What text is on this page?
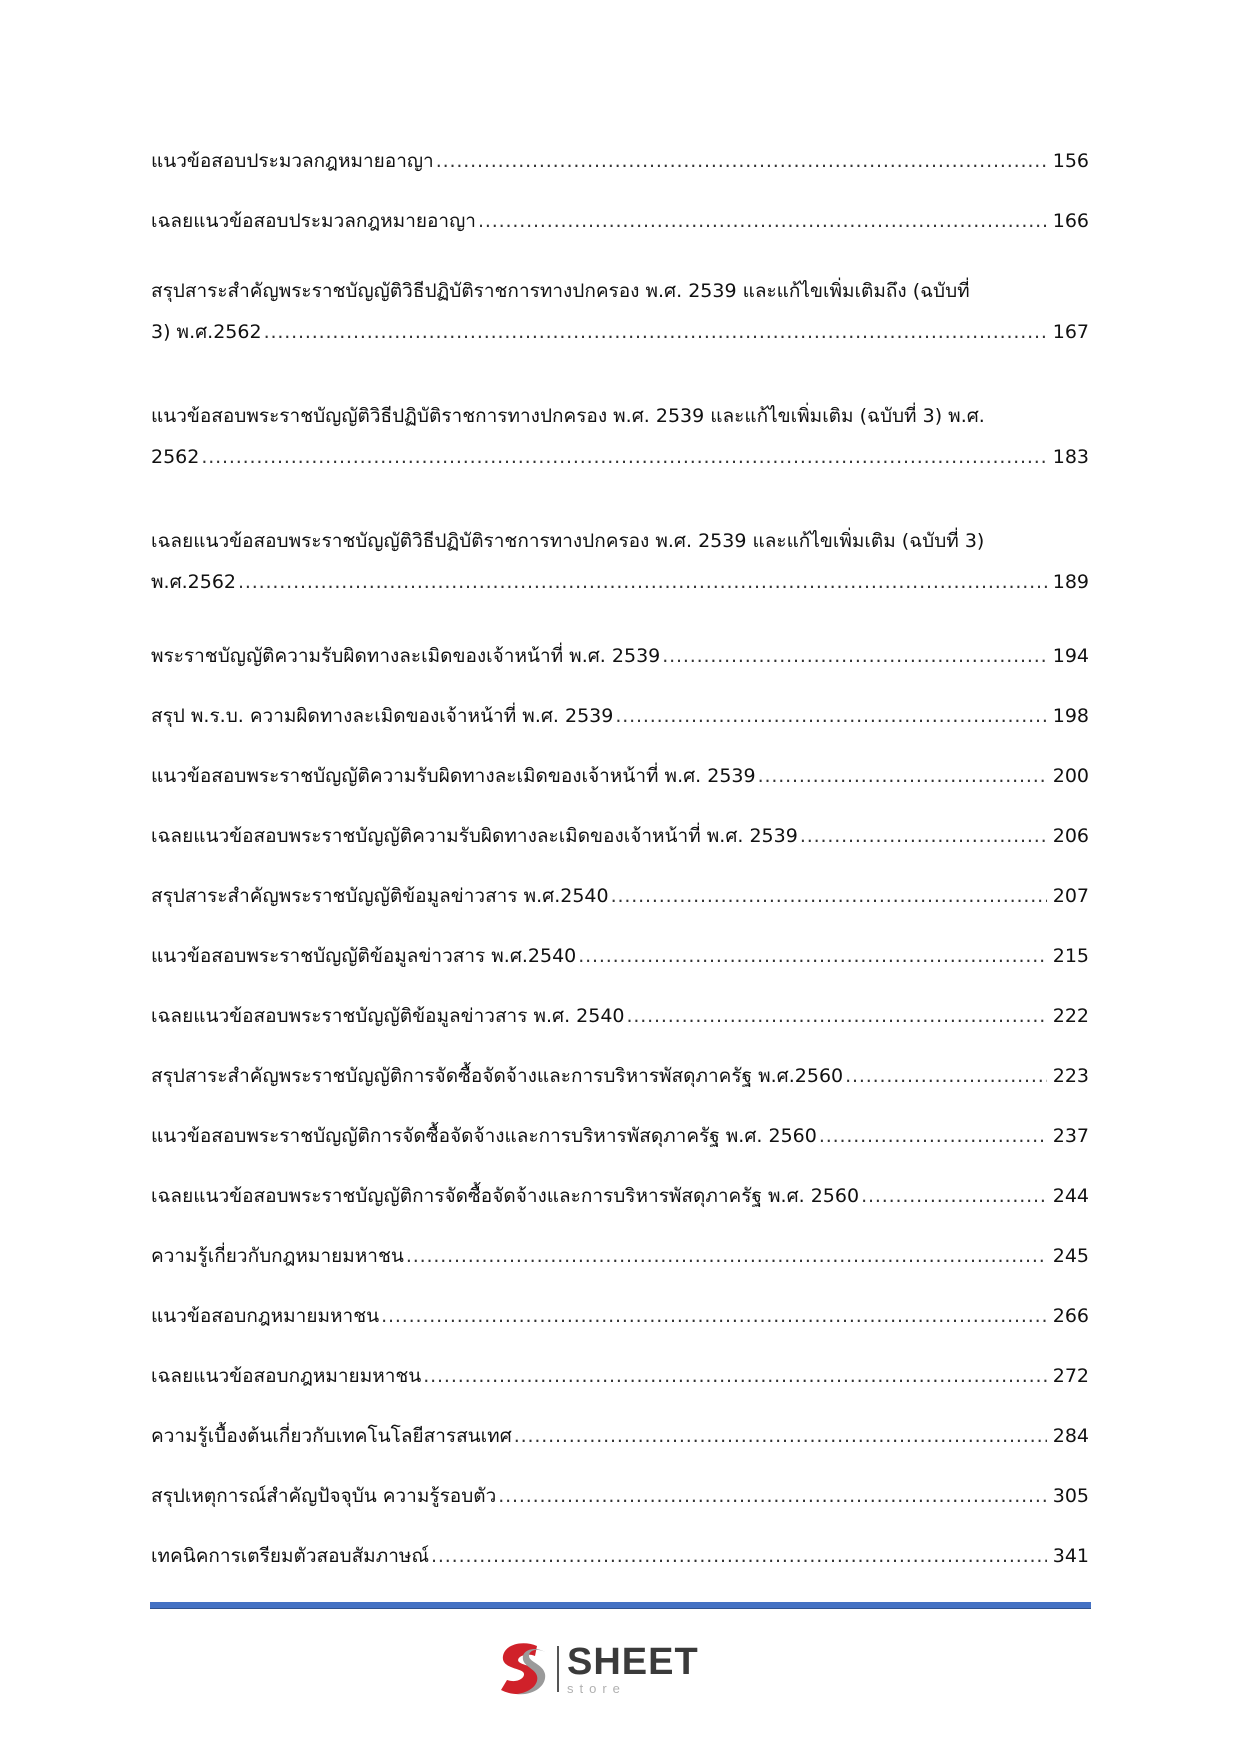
แนวข้อสอบประมวลกฎหมายอาญา . . .	156
เฉลยแนวข้อสอบประมวลกฎหมายอาญา . . .	166
สรุปสาระสำคัญพระราชบัญญัติวิธีปฏิบัติราชการทางปกครอง พ.ศ. 2539 และแก้ไขเพิ่มเติมถึง (ฉบับที่
3) พ.ศ.2562 . . .	167
แนวข้อสอบพระราชบัญญัติวิธีปฏิบัติราชการทางปกครอง พ.ศ. 2539 และแก้ไขเพิ่มเติม (ฉบับที่ 3) พ.ศ.
2562 . . .	183
เฉลยแนวข้อสอบพระราชบัญญัติวิธีปฏิบัติราชการทางปกครอง พ.ศ. 2539 และแก้ไขเพิ่มเติม (ฉบับที่ 3)
พ.ศ.2562 . . .	189
พระราชบัญญัติความรับผิดทางละเมิดของเจ้าหน้าที่ พ.ศ. 2539 . . .	194
สรุป พ.ร.บ. ความผิดทางละเมิดของเจ้าหน้าที่ พ.ศ. 2539 . . .	198
แนวข้อสอบพระราชบัญญัติความรับผิดทางละเมิดของเจ้าหน้าที่ พ.ศ. 2539 . . .	200
เฉลยแนวข้อสอบพระราชบัญญัติความรับผิดทางละเมิดของเจ้าหน้าที่ พ.ศ. 2539 . . .	206
สรุปสาระสำคัญพระราชบัญญัติข้อมูลข่าวสาร พ.ศ.2540 . . .	207
แนวข้อสอบพระราชบัญญัติข้อมูลข่าวสาร พ.ศ.2540 . . .	215
เฉลยแนวข้อสอบพระราชบัญญัติข้อมูลข่าวสาร พ.ศ. 2540 . . .	222
สรุปสาระสำคัญพระราชบัญญัติการจัดซื้อจัดจ้างและการบริหารพัสดุภาครัฐ พ.ศ.2560 . . .	223
แนวข้อสอบพระราชบัญญัติการจัดซื้อจัดจ้างและการบริหารพัสดุภาครัฐ พ.ศ. 2560 . . .	237
เฉลยแนวข้อสอบพระราชบัญญัติการจัดซื้อจัดจ้างและการบริหารพัสดุภาครัฐ พ.ศ. 2560 . . .	244
ความรู้เกี่ยวกับกฎหมายมหาชน . . .	245
แนวข้อสอบกฎหมายมหาชน . . .	266
เฉลยแนวข้อสอบกฎหมายมหาชน . . .	272
ความรู้เบื้องต้นเกี่ยวกับเทคโนโลยีสารสนเทศ . . .	284
สรุปเหตุการณ์สำคัญปัจจุบัน ความรู้รอบตัว . . .	305
เทคนิคการเตรียมตัวสอบสัมภาษณ์ . . .	341
SHEET
store
